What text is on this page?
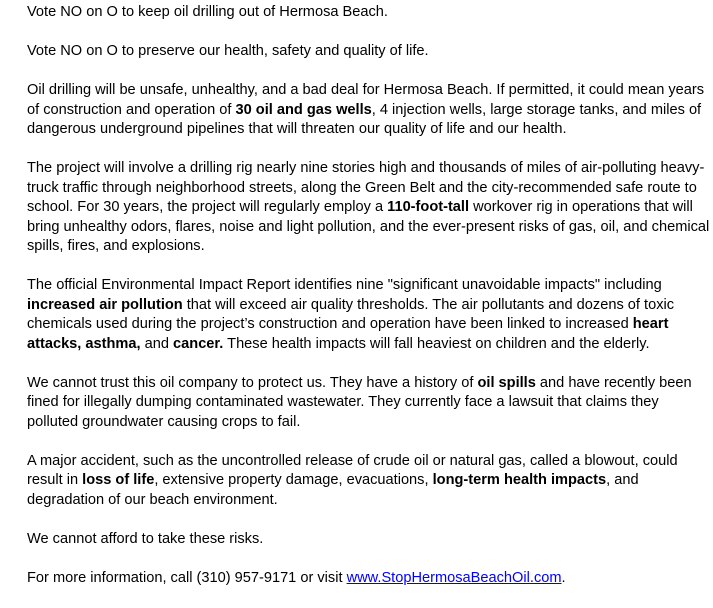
Vote NO on O to keep oil drilling out of Hermosa Beach.

Vote NO on O to preserve our health, safety and quality of life.

Oil drilling will be unsafe, unhealthy, and a bad deal for Hermosa Beach. If permitted, it could mean years of construction and operation of 30 oil and gas wells, 4 injection wells, large storage tanks, and miles of dangerous underground pipelines that will threaten our quality of life and our health.

The project will involve a drilling rig nearly nine stories high and thousands of miles of air-polluting heavy-truck traffic through neighborhood streets, along the Green Belt and the city-recommended safe route to school. For 30 years, the project will regularly employ a 110-foot-tall workover rig in operations that will bring unhealthy odors, flares, noise and light pollution, and the ever-present risks of gas, oil, and chemical spills, fires, and explosions.

The official Environmental Impact Report identifies nine "significant unavoidable impacts" including increased air pollution that will exceed air quality thresholds. The air pollutants and dozens of toxic chemicals used during the project’s construction and operation have been linked to increased heart attacks, asthma, and cancer. These health impacts will fall heaviest on children and the elderly.

We cannot trust this oil company to protect us. They have a history of oil spills and have recently been fined for illegally dumping contaminated wastewater. They currently face a lawsuit that claims they polluted groundwater causing crops to fail.

A major accident, such as the uncontrolled release of crude oil or natural gas, called a blowout, could result in loss of life, extensive property damage, evacuations, long-term health impacts, and degradation of our beach environment.

We cannot afford to take these risks.

For more information, call (310) 957-9171 or visit www.StopHermosaBeachOil.com.
